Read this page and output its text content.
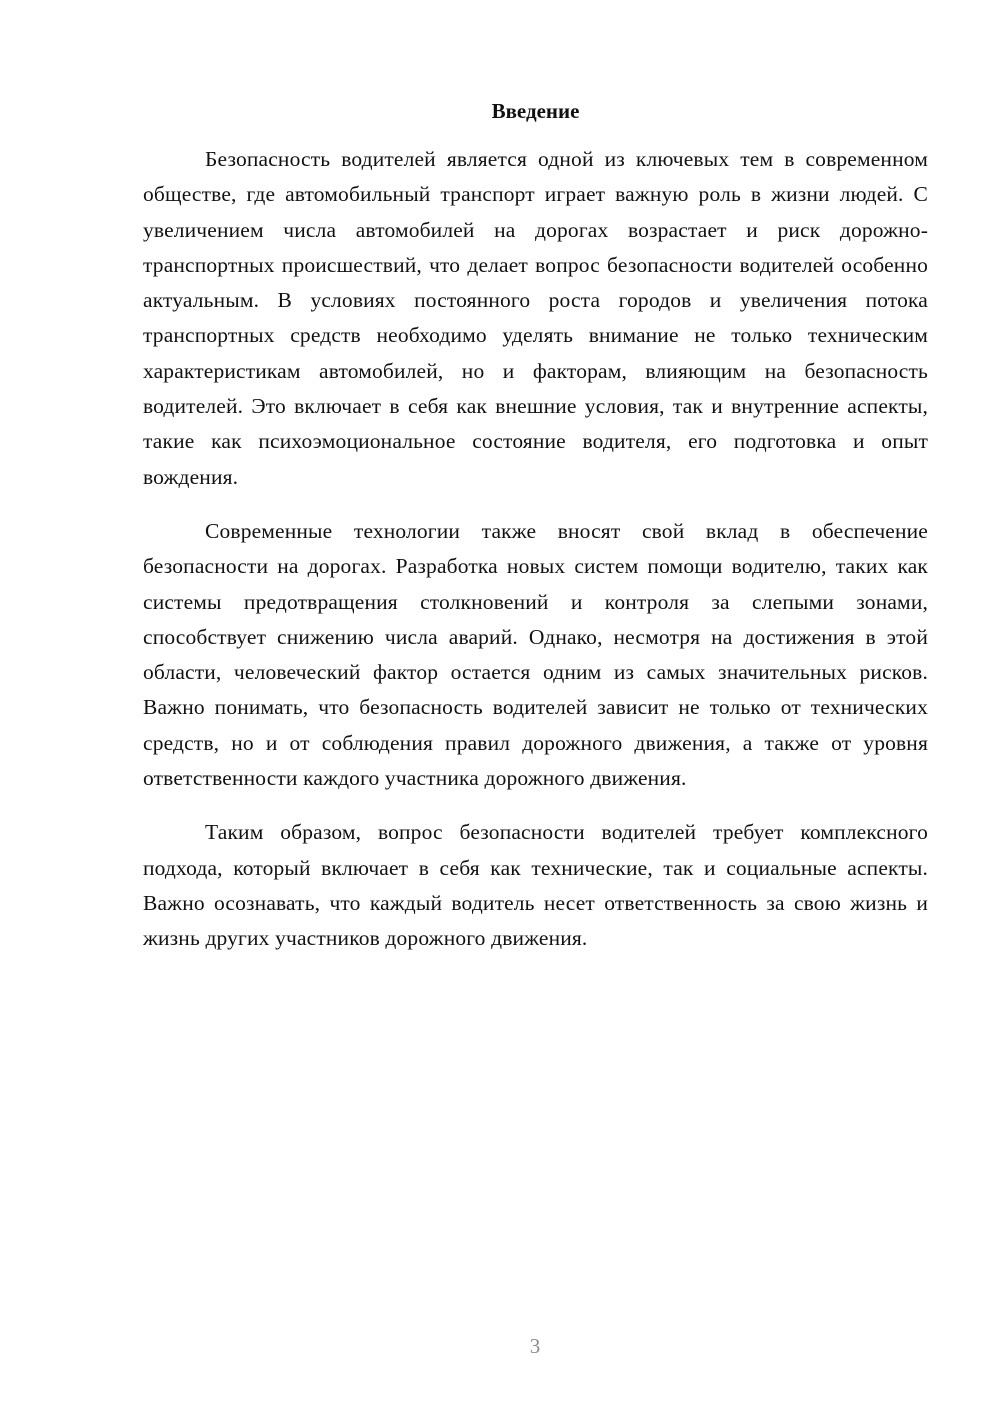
Введение

Безопасность водителей является одной из ключевых тем в современном обществе, где автомобильный транспорт играет важную роль в жизни людей. С увеличением числа автомобилей на дорогах возрастает и риск дорожно-транспортных происшествий, что делает вопрос безопасности водителей особенно актуальным. В условиях постоянного роста городов и увеличения потока транспортных средств необходимо уделять внимание не только техническим характеристикам автомобилей, но и факторам, влияющим на безопасность водителей. Это включает в себя как внешние условия, так и внутренние аспекты, такие как психоэмоциональное состояние водителя, его подготовка и опыт вождения.

Современные технологии также вносят свой вклад в обеспечение безопасности на дорогах. Разработка новых систем помощи водителю, таких как системы предотвращения столкновений и контроля за слепыми зонами, способствует снижению числа аварий. Однако, несмотря на достижения в этой области, человеческий фактор остается одним из самых значительных рисков. Важно понимать, что безопасность водителей зависит не только от технических средств, но и от соблюдения правил дорожного движения, а также от уровня ответственности каждого участника дорожного движения.

Таким образом, вопрос безопасности водителей требует комплексного подхода, который включает в себя как технические, так и социальные аспекты. Важно осознавать, что каждый водитель несет ответственность за свою жизнь и жизнь других участников дорожного движения.

3
